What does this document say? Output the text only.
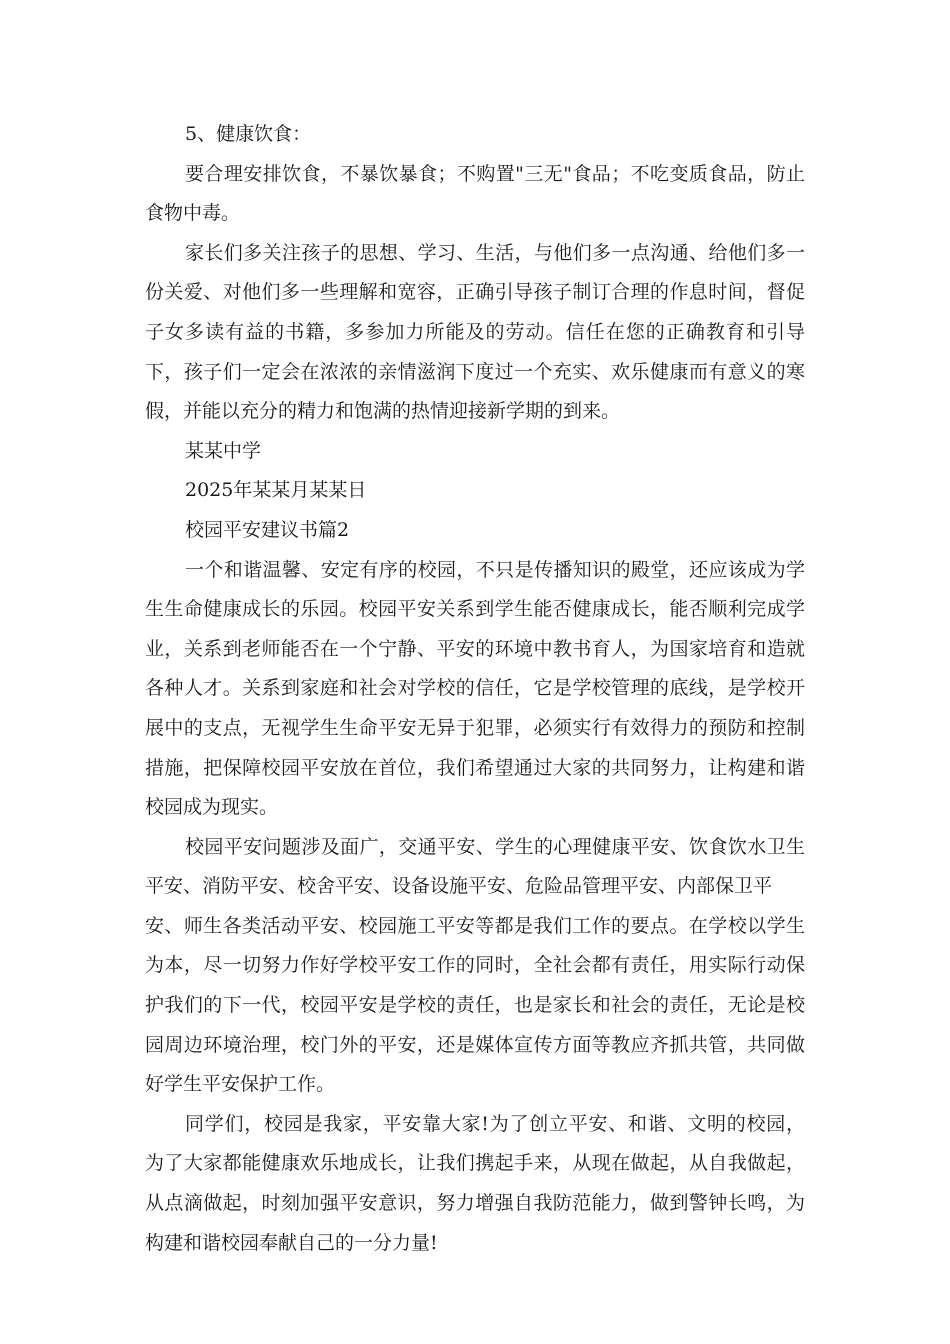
5、健康饮食：
要合理安排饮食，不暴饮暴食；不购置"三无"食品；不吃变质食品，防止
食物中毒。
家长们多关注孩子的思想、学习、生活，与他们多一点沟通、给他们多一
份关爱、对他们多一些理解和宽容，正确引导孩子制订合理的作息时间，督促
子女多读有益的书籍，多参加力所能及的劳动。信任在您的正确教育和引导
下，孩子们一定会在浓浓的亲情滋润下度过一个充实、欢乐健康而有意义的寒
假，并能以充分的精力和饱满的热情迎接新学期的到来。
某某中学
2025年某某月某某日
校园平安建议书篇2
一个和谐温馨、安定有序的校园，不只是传播知识的殿堂，还应该成为学
生生命健康成长的乐园。校园平安关系到学生能否健康成长，能否顺利完成学
业，关系到老师能否在一个宁静、平安的环境中教书育人，为国家培育和造就
各种人才。关系到家庭和社会对学校的信任，它是学校管理的底线，是学校开
展中的支点，无视学生生命平安无异于犯罪，必须实行有效得力的预防和控制
措施，把保障校园平安放在首位，我们希望通过大家的共同努力，让构建和谐
校园成为现实。
校园平安问题涉及面广，交通平安、学生的心理健康平安、饮食饮水卫生
平安、消防平安、校舍平安、设备设施平安、危险品管理平安、内部保卫平
安、师生各类活动平安、校园施工平安等都是我们工作的要点。在学校以学生
为本，尽一切努力作好学校平安工作的同时，全社会都有责任，用实际行动保
护我们的下一代，校园平安是学校的责任，也是家长和社会的责任，无论是校
园周边环境治理，校门外的平安，还是媒体宣传方面等教应齐抓共管，共同做
好学生平安保护工作。
同学们，校园是我家，平安靠大家!为了创立平安、和谐、文明的校园，
为了大家都能健康欢乐地成长，让我们携起手来，从现在做起，从自我做起，
从点滴做起，时刻加强平安意识，努力增强自我防范能力，做到警钟长鸣，为
构建和谐校园奉献自己的一分力量!
